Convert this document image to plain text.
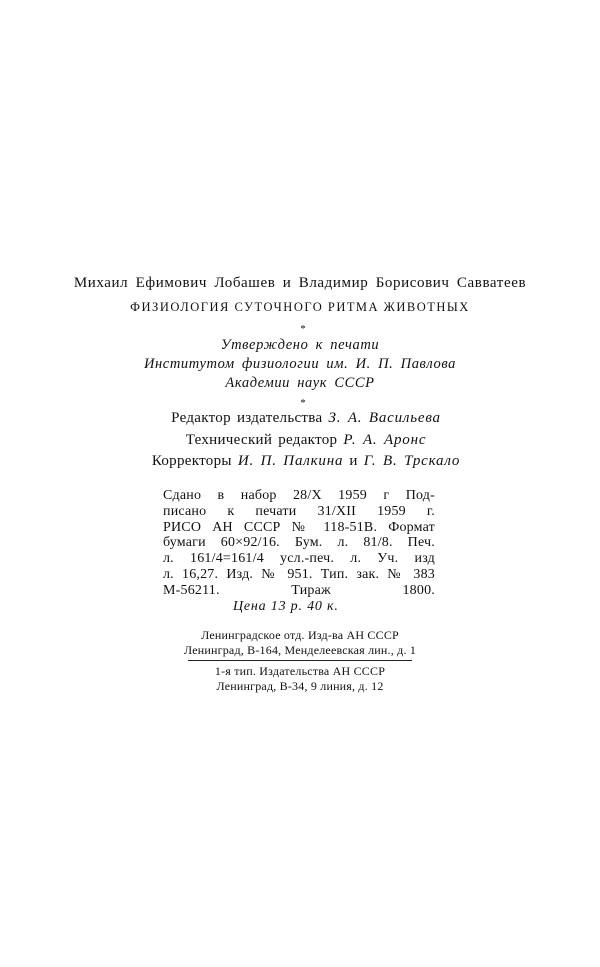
Михаил Ефимович Лобашев и Владимир Борисович Савватеев
ФИЗИОЛОГИЯ СУТОЧНОГО РИТМА ЖИВОТНЫХ
*
Утверждено к печати
Институтом физиологии им. И. П. Павлова
Академии наук СССР
*
Редактор издательства З. А. Васильева
Технический редактор Р. А. Аронс
Корректоры И. П. Палкина и Г. В. Трскало
Сдано в набор 28/X 1959 г Под-
писано к печати 31/XII 1959 г.
РИСО АН СССР № 118-51В. Формат
бумаги 60×92/16. Бум. л. 81/8. Печ.
л. 161/4=161/4 усл.-печ. л. Уч. изд
л. 16,27. Изд. № 951. Тип. зак. № 383
М-56211. Тираж 1800.
Цена 13 р. 40 к.
Ленинградское отд. Изд-ва АН СССР
Ленинград, В-164, Менделеевская лин., д. 1
1-я тип. Издательства АН СССР
Ленинград, В-34, 9 линия, д. 12
